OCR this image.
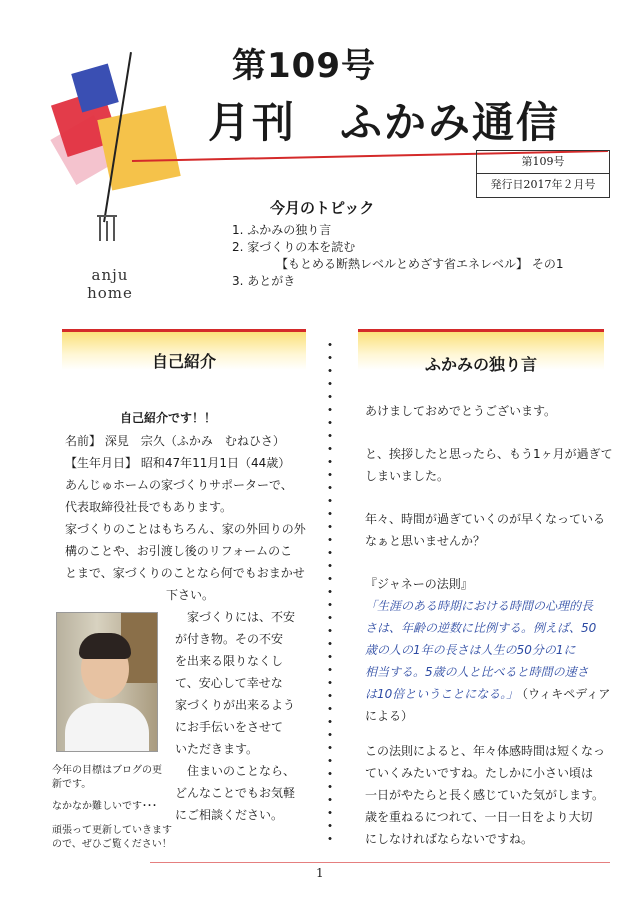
第109号
月刊　ふかみ通信
第109号
発行日2017年２月号
anju
home
今月のトピック
1. ふかみの独り言
2. 家づくりの本を読む
【もとめる断熱レベルとめざす省エネレベル】 その1
3. あとがき
自己紹介	ふかみの独り言
自己紹介です！！
名前】 深見　宗久（ふかみ　むねひさ）
【生年月日】 昭和47年11月1日（44歳）
あんじゅホームの家づくりサポーターで、
代表取締役社長でもあります。
家づくりのことはもちろん、家の外回りの外
構のことや、お引渡し後のリフォームのこ
とまで、家づくりのことなら何でもおまかせ
下さい。
家づくりには、不安
が付き物。その不安
を出来る限りなくし
て、安心して幸せな
家づくりが出来るよう
にお手伝いをさせて
いただきます。
住まいのことなら、
どんなことでもお気軽
にご相談ください。
今年の目標はブログの更
新です。
なかなか難しいです･･･
頑張って更新していきます
ので、ぜひご覧ください！
あけましておめでとうございます。
と、挨拶したと思ったら、もう1ヶ月が過ぎて
しまいました。
年々、時間が過ぎていくのが早くなっている
なぁと思いませんか？
『ジャネーの法則』
「生涯のある時期における時間の心理的長
さは、年齢の逆数に比例する。例えば、50
歳の人の1年の長さは人生の50分の1に
相当する。5歳の人と比べると時間の速さ
は10倍ということになる。」
（ウィキペディア
による）
この法則によると、年々体感時間は短くなっ
ていくみたいですね。たしかに小さい頃は
一日がやたらと長く感じていた気がします。
歳を重ねるにつれて、一日一日をより大切
にしなければならないですね。
1
